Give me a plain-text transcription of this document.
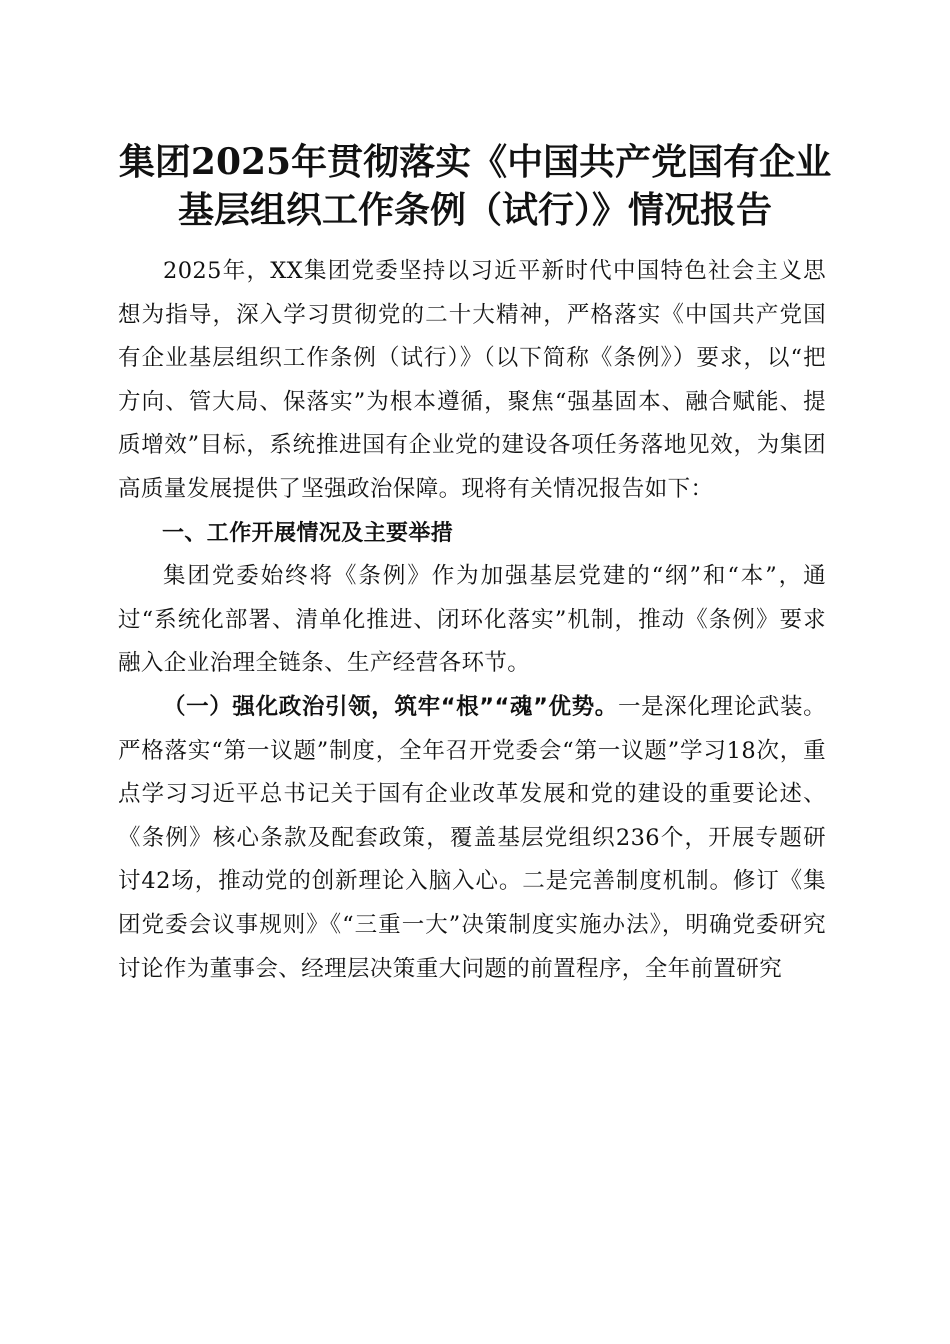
集团2025年贯彻落实《中国共产党国有企业
基层组织工作条例（试行）》情况报告

2025年，XX集团党委坚持以习近平新时代中国特色社会主义思想为指导，深入学习贯彻党的二十大精神，严格落实《中国共产党国有企业基层组织工作条例（试行）》（以下简称《条例》）要求，以“把方向、管大局、保落实”为根本遵循，聚焦“强基固本、融合赋能、提质增效”目标，系统推进国有企业党的建设各项任务落地见效，为集团高质量发展提供了坚强政治保障。现将有关情况报告如下：

一、工作开展情况及主要举措

集团党委始终将《条例》作为加强基层党建的“纲”和“本”，通过“系统化部署、清单化推进、闭环化落实”机制，推动《条例》要求融入企业治理全链条、生产经营各环节。

（一）强化政治引领，筑牢“根”“魂”优势。一是深化理论武装。严格落实“第一议题”制度，全年召开党委会“第一议题”学习18次，重点学习习近平总书记关于国有企业改革发展和党的建设的重要论述、《条例》核心条款及配套政策，覆盖基层党组织236个，开展专题研讨42场，推动党的创新理论入脑入心。二是完善制度机制。修订《集团党委会议事规则》《“三重一大”决策制度实施办法》，明确党委研究讨论作为董事会、经理层决策重大问题的前置程序，全年前置研究
